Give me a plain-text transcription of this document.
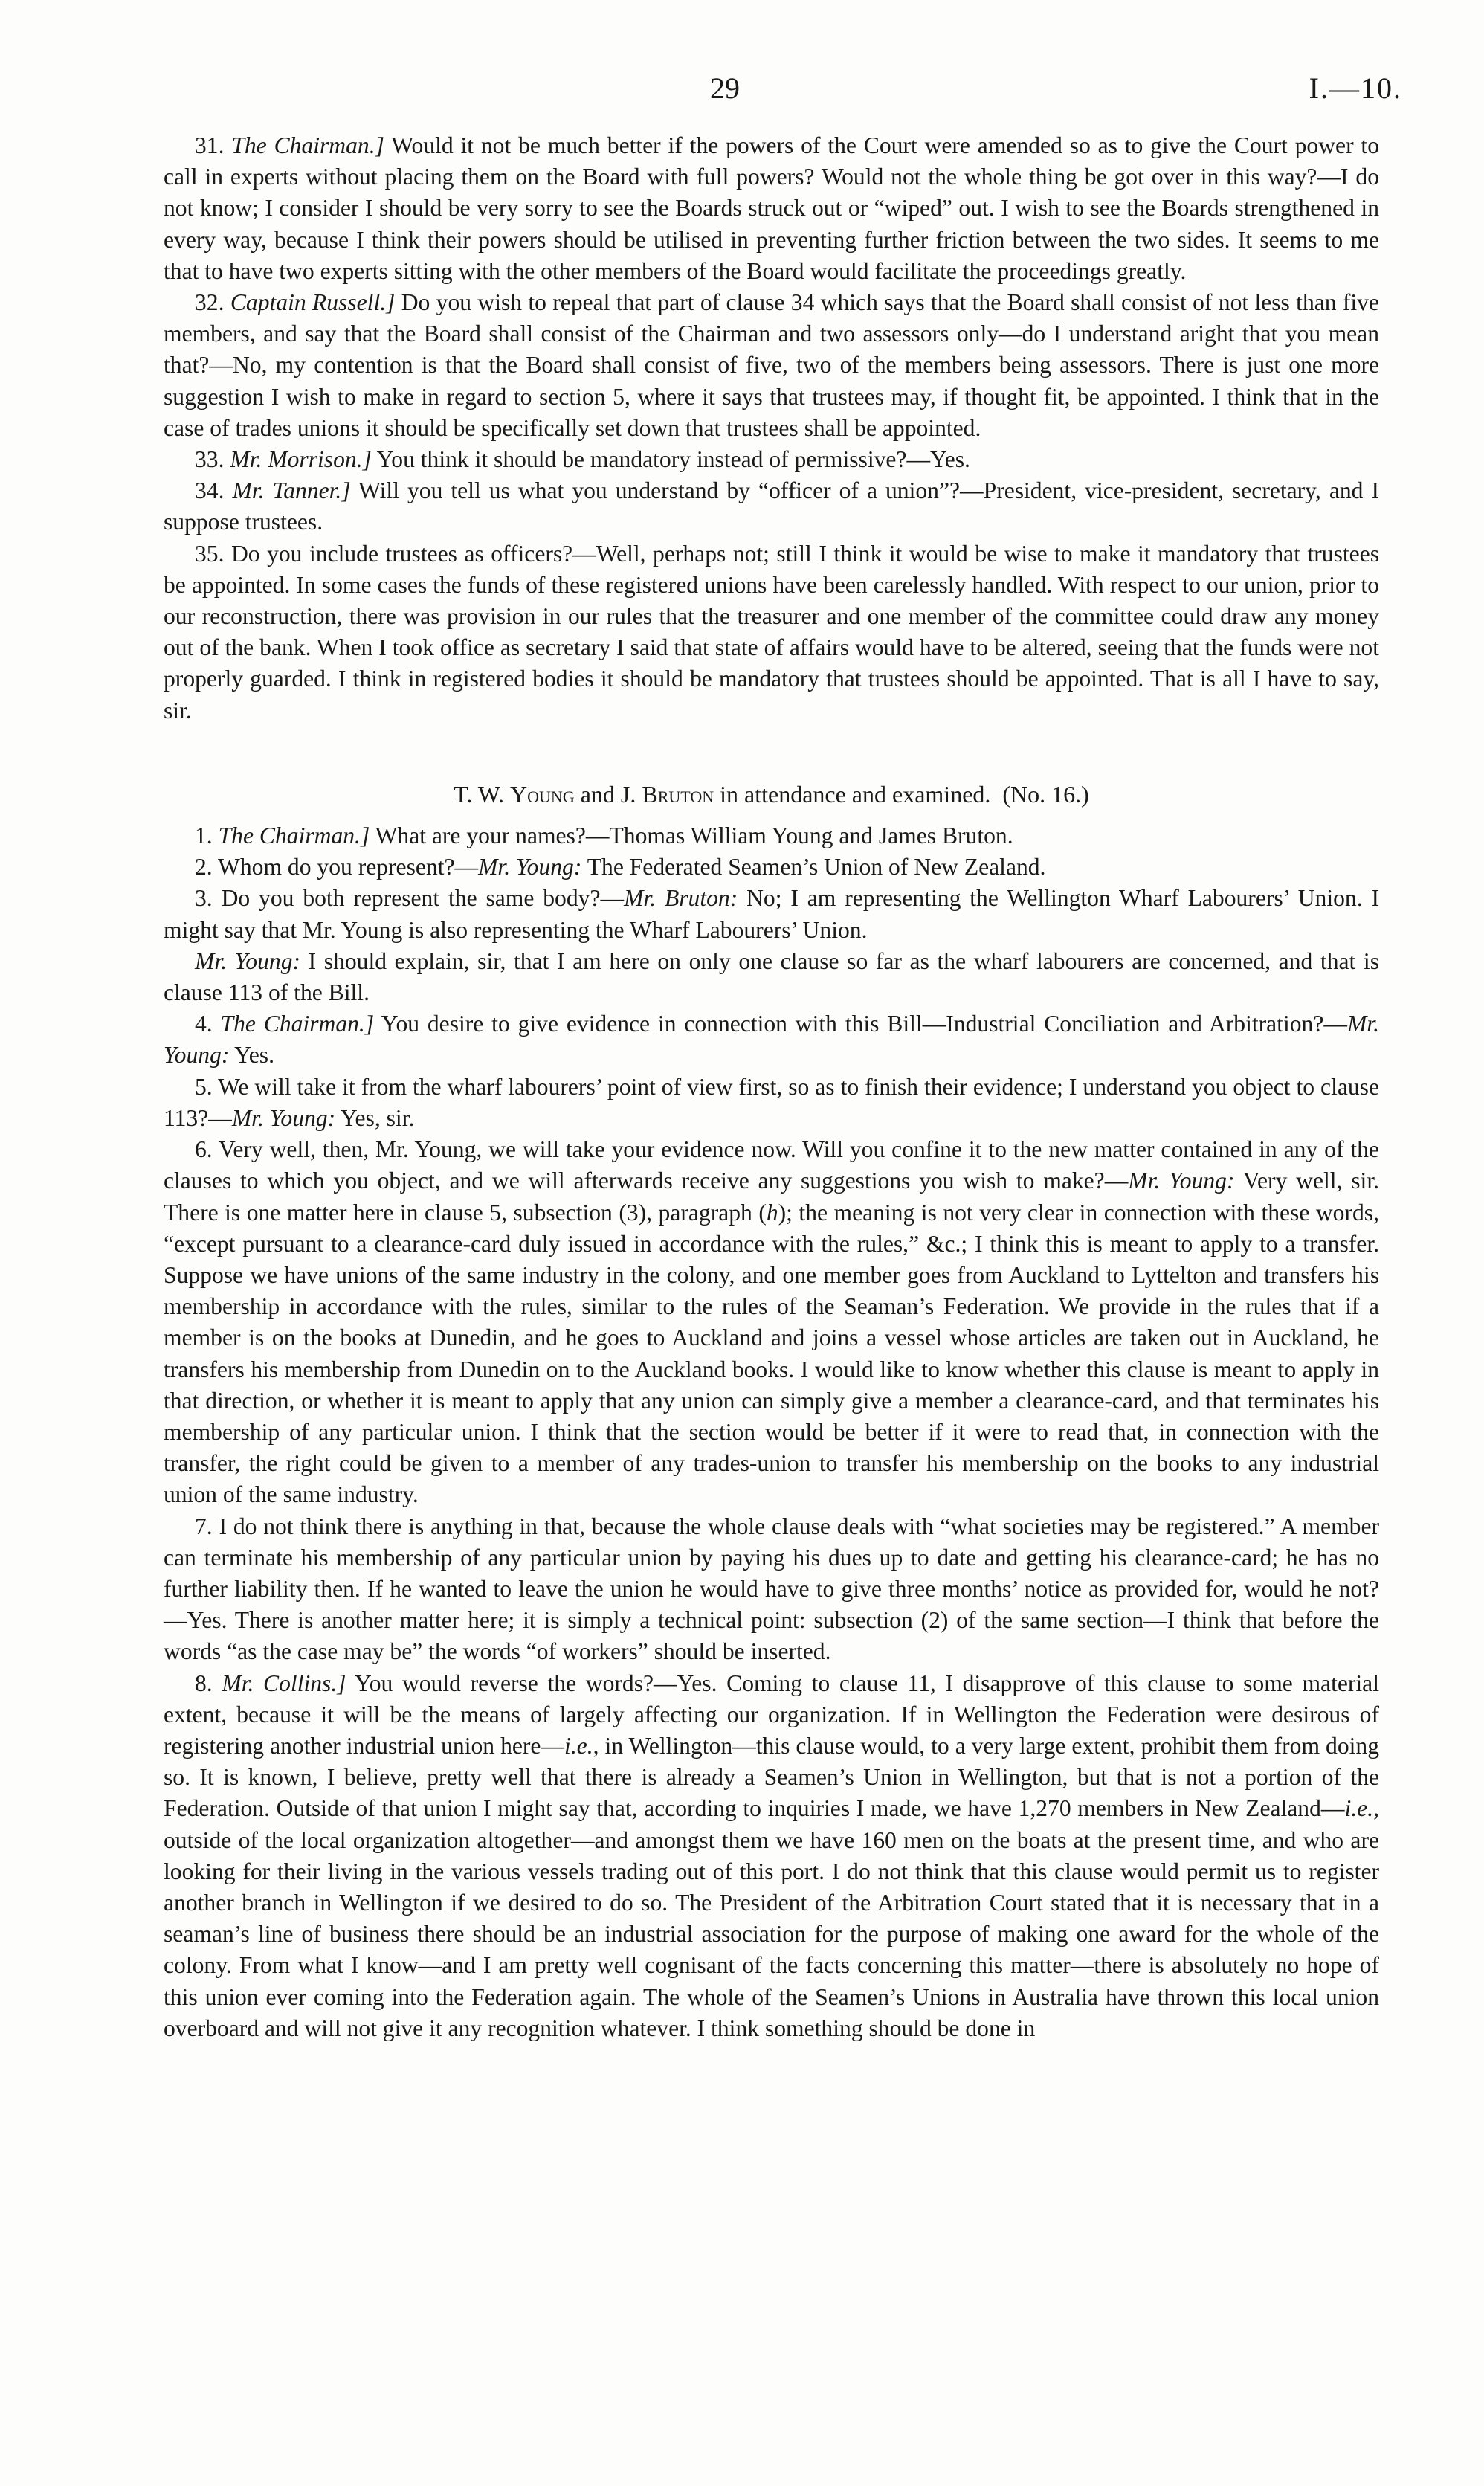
29	I.—10.

31. The Chairman.] Would it not be much better if the powers of the Court were amended so as to give the Court power to call in experts without placing them on the Board with full powers? Would not the whole thing be got over in this way?—I do not know; I consider I should be very sorry to see the Boards struck out or “wiped” out. I wish to see the Boards strengthened in every way, because I think their powers should be utilised in preventing further friction between the two sides. It seems to me that to have two experts sitting with the other members of the Board would facilitate the proceedings greatly.

32. Captain Russell.] Do you wish to repeal that part of clause 34 which says that the Board shall consist of not less than five members, and say that the Board shall consist of the Chairman and two assessors only—do I understand aright that you mean that?—No, my contention is that the Board shall consist of five, two of the members being assessors. There is just one more suggestion I wish to make in regard to section 5, where it says that trustees may, if thought fit, be appointed. I think that in the case of trades unions it should be specifically set down that trustees shall be appointed.

33. Mr. Morrison.] You think it should be mandatory instead of permissive?—Yes.

34. Mr. Tanner.] Will you tell us what you understand by “officer of a union”?—President, vice-president, secretary, and I suppose trustees.

35. Do you include trustees as officers?—Well, perhaps not; still I think it would be wise to make it mandatory that trustees be appointed. In some cases the funds of these registered unions have been carelessly handled. With respect to our union, prior to our reconstruction, there was provision in our rules that the treasurer and one member of the committee could draw any money out of the bank. When I took office as secretary I said that state of affairs would have to be altered, seeing that the funds were not properly guarded. I think in registered bodies it should be mandatory that trustees should be appointed. That is all I have to say, sir.

T. W. Young and J. Bruton in attendance and examined. (No. 16.)

1. The Chairman.] What are your names?—Thomas William Young and James Bruton.

2. Whom do you represent?—Mr. Young: The Federated Seamen’s Union of New Zealand.

3. Do you both represent the same body?—Mr. Bruton: No; I am representing the Wellington Wharf Labourers’ Union. I might say that Mr. Young is also representing the Wharf Labourers’ Union.

Mr. Young: I should explain, sir, that I am here on only one clause so far as the wharf labourers are concerned, and that is clause 113 of the Bill.

4. The Chairman.] You desire to give evidence in connection with this Bill—Industrial Conciliation and Arbitration?—Mr. Young: Yes.

5. We will take it from the wharf labourers’ point of view first, so as to finish their evidence; I understand you object to clause 113?—Mr. Young: Yes, sir.

6. Very well, then, Mr. Young, we will take your evidence now. Will you confine it to the new matter contained in any of the clauses to which you object, and we will afterwards receive any suggestions you wish to make?—Mr. Young: Very well, sir. There is one matter here in clause 5, subsection (3), paragraph (h); the meaning is not very clear in connection with these words, “except pursuant to a clearance-card duly issued in accordance with the rules,” &c.; I think this is meant to apply to a transfer. Suppose we have unions of the same industry in the colony, and one member goes from Auckland to Lyttelton and transfers his membership in accordance with the rules, similar to the rules of the Seaman’s Federation. We provide in the rules that if a member is on the books at Dunedin, and he goes to Auckland and joins a vessel whose articles are taken out in Auckland, he transfers his membership from Dunedin on to the Auckland books. I would like to know whether this clause is meant to apply in that direction, or whether it is meant to apply that any union can simply give a member a clearance-card, and that terminates his membership of any particular union. I think that the section would be better if it were to read that, in connection with the transfer, the right could be given to a member of any trades-union to transfer his membership on the books to any industrial union of the same industry.

7. I do not think there is anything in that, because the whole clause deals with “what societies may be registered.” A member can terminate his membership of any particular union by paying his dues up to date and getting his clearance-card; he has no further liability then. If he wanted to leave the union he would have to give three months’ notice as provided for, would he not?—Yes. There is another matter here; it is simply a technical point: subsection (2) of the same section—I think that before the words “as the case may be” the words “of workers” should be inserted.

8. Mr. Collins.] You would reverse the words?—Yes. Coming to clause 11, I disapprove of this clause to some material extent, because it will be the means of largely affecting our organization. If in Wellington the Federation were desirous of registering another industrial union here—i.e., in Wellington—this clause would, to a very large extent, prohibit them from doing so. It is known, I believe, pretty well that there is already a Seamen’s Union in Wellington, but that is not a portion of the Federation. Outside of that union I might say that, according to inquiries I made, we have 1,270 members in New Zealand—i.e., outside of the local organization altogether—and amongst them we have 160 men on the boats at the present time, and who are looking for their living in the various vessels trading out of this port. I do not think that this clause would permit us to register another branch in Wellington if we desired to do so. The President of the Arbitration Court stated that it is necessary that in a seaman’s line of business there should be an industrial association for the purpose of making one award for the whole of the colony. From what I know—and I am pretty well cognisant of the facts concerning this matter—there is absolutely no hope of this union ever coming into the Federation again. The whole of the Seamen’s Unions in Australia have thrown this local union overboard and will not give it any recognition whatever. I think something should be done in
